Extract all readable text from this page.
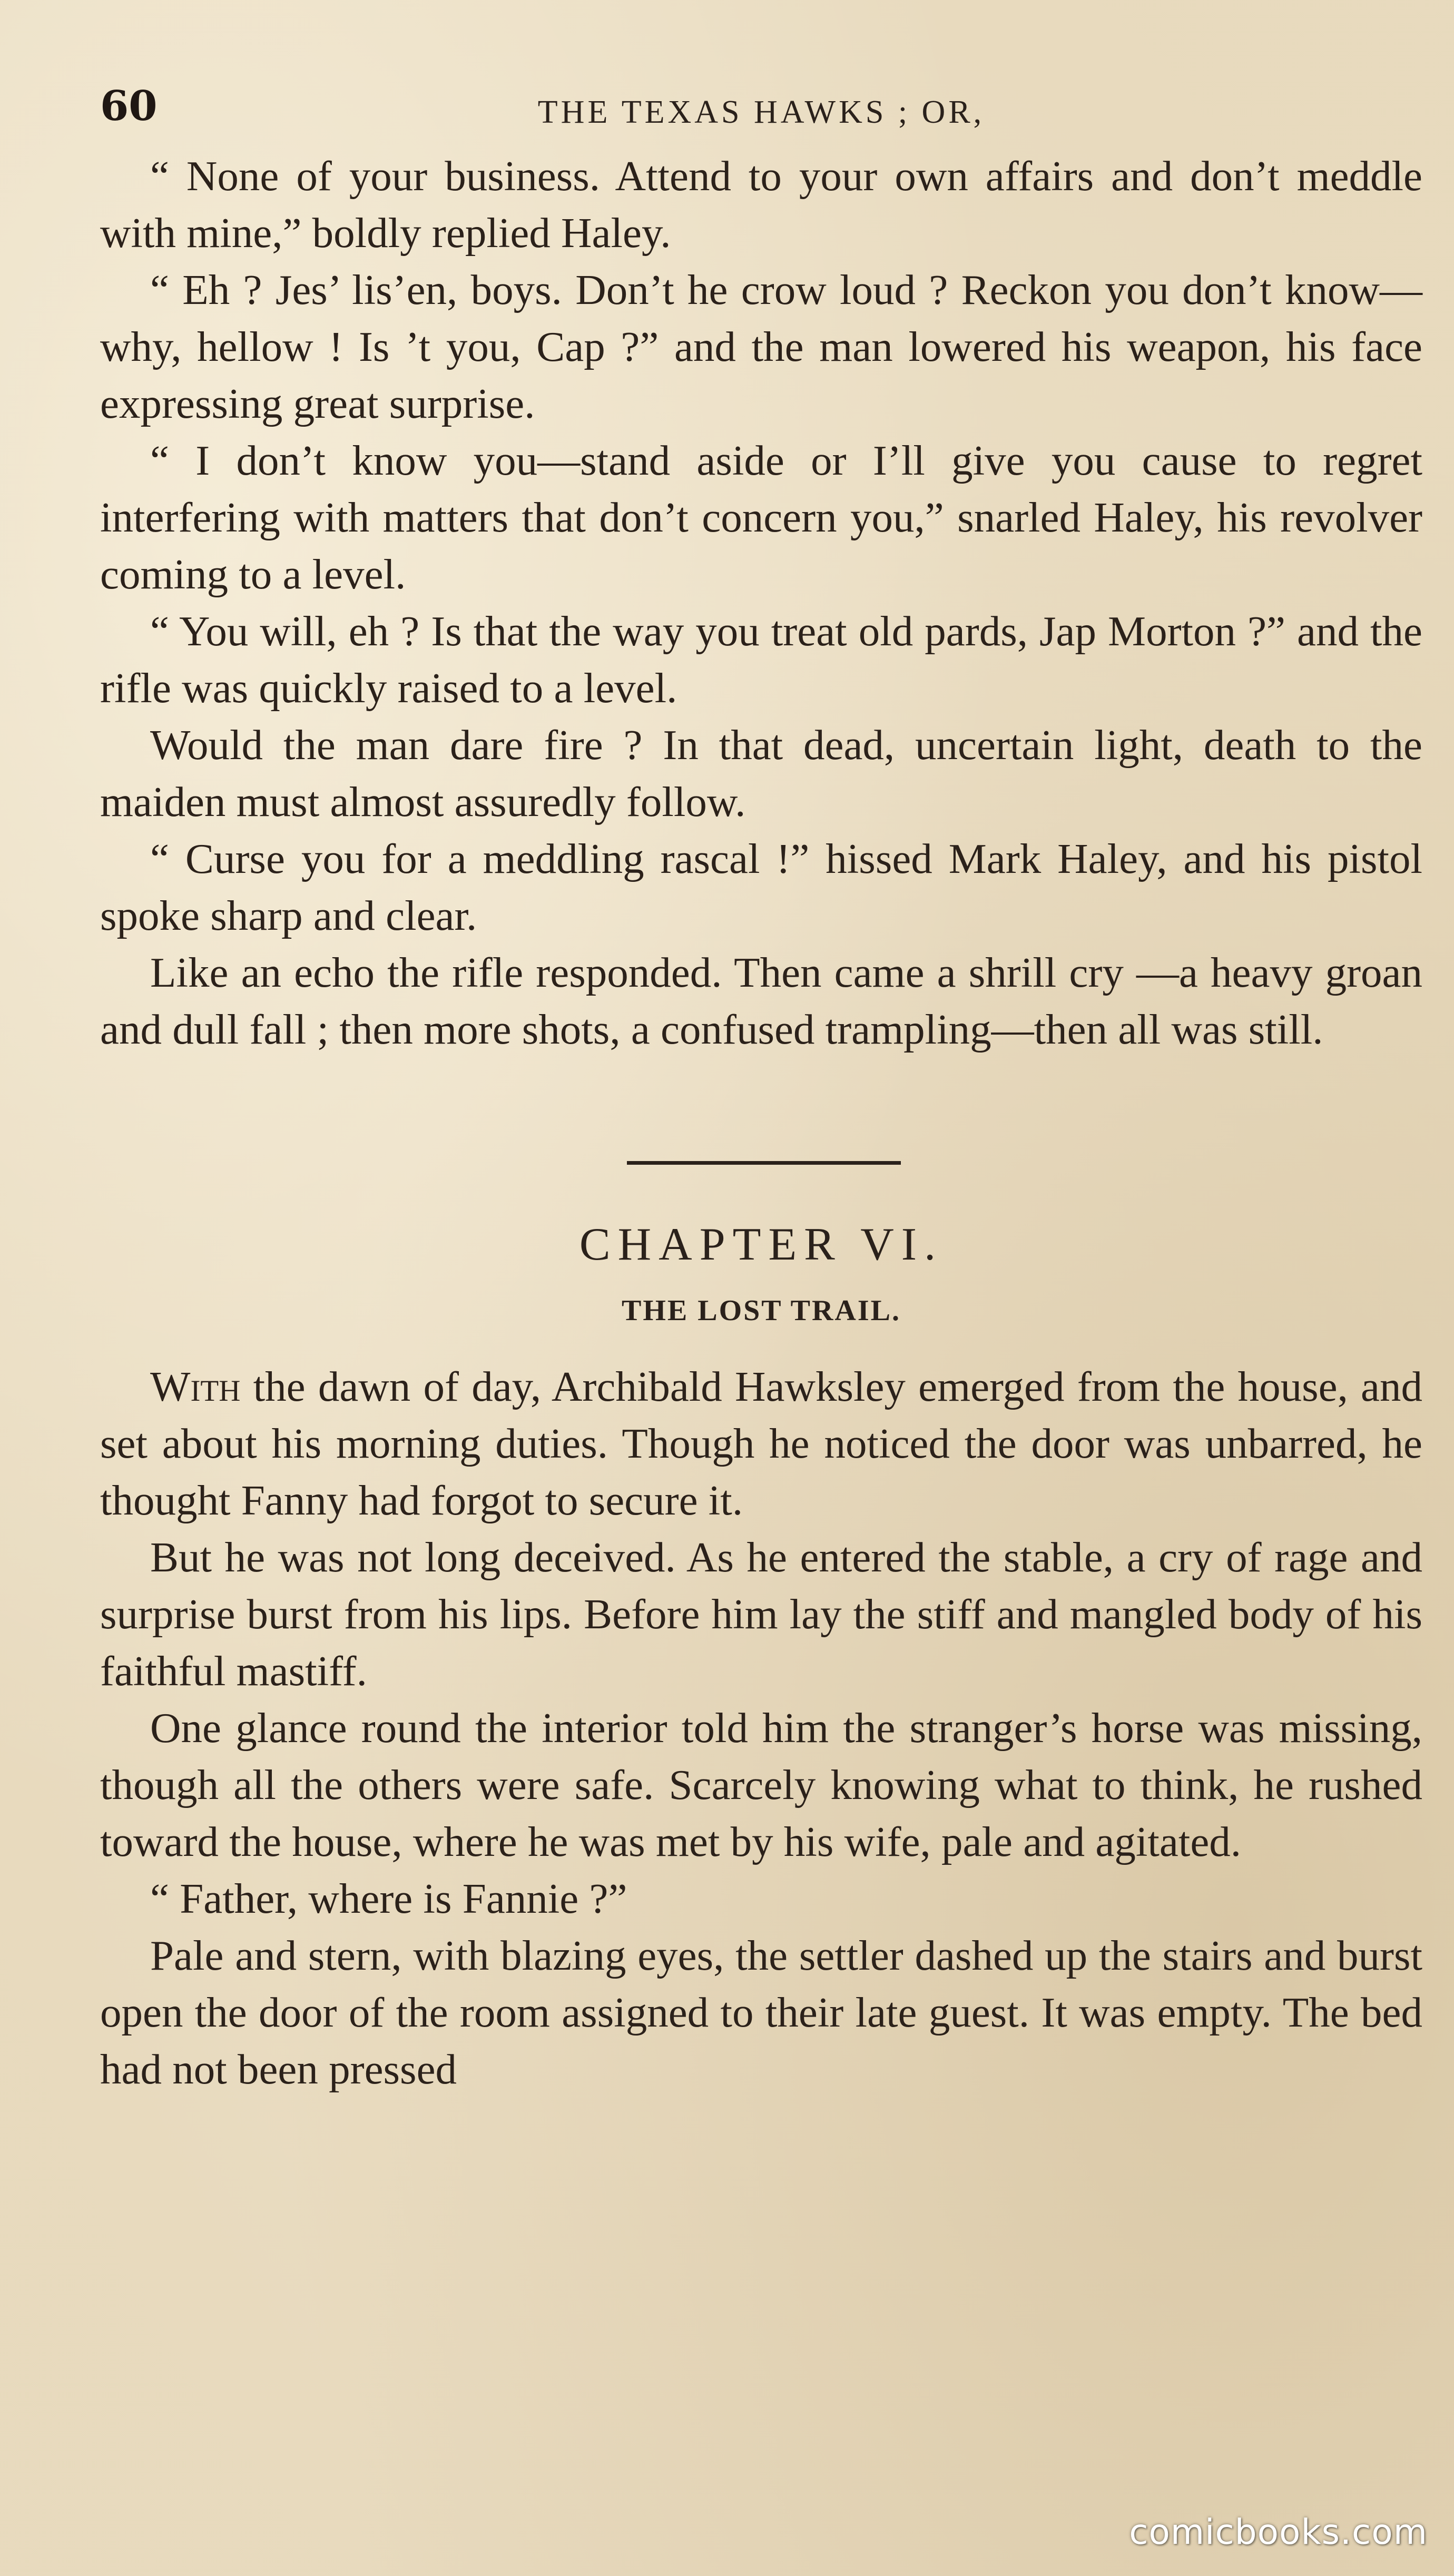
60	THE TEXAS HAWKS ; OR,

“ None of your business. Attend to your own affairs and don’t meddle with mine,” boldly replied Haley.

“ Eh ? Jes’ lis’en, boys. Don’t he crow loud ? Reckon you don’t know—why, hellow ! Is ’t you, Cap ?” and the man lowered his weapon, his face expressing great surprise.

“ I don’t know you—stand aside or I’ll give you cause to regret interfering with matters that don’t concern you,” snarled Haley, his revolver coming to a level.

“ You will, eh ? Is that the way you treat old pards, Jap Morton ?” and the rifle was quickly raised to a level.

Would the man dare fire ? In that dead, uncertain light, death to the maiden must almost assuredly follow.

“ Curse you for a meddling rascal !” hissed Mark Haley, and his pistol spoke sharp and clear.

Like an echo the rifle responded. Then came a shrill cry —a heavy groan and dull fall ; then more shots, a confused trampling—then all was still.

CHAPTER VI.
THE LOST TRAIL.

With the dawn of day, Archibald Hawksley emerged from the house, and set about his morning duties. Though he noticed the door was unbarred, he thought Fanny had forgot to secure it.

But he was not long deceived. As he entered the stable, a cry of rage and surprise burst from his lips. Before him lay the stiff and mangled body of his faithful mastiff.

One glance round the interior told him the stranger’s horse was missing, though all the others were safe. Scarcely knowing what to think, he rushed toward the house, where he was met by his wife, pale and agitated.

“ Father, where is Fannie ?”

Pale and stern, with blazing eyes, the settler dashed up the stairs and burst open the door of the room assigned to their late guest. It was empty. The bed had not been pressed

comicbooks.com
